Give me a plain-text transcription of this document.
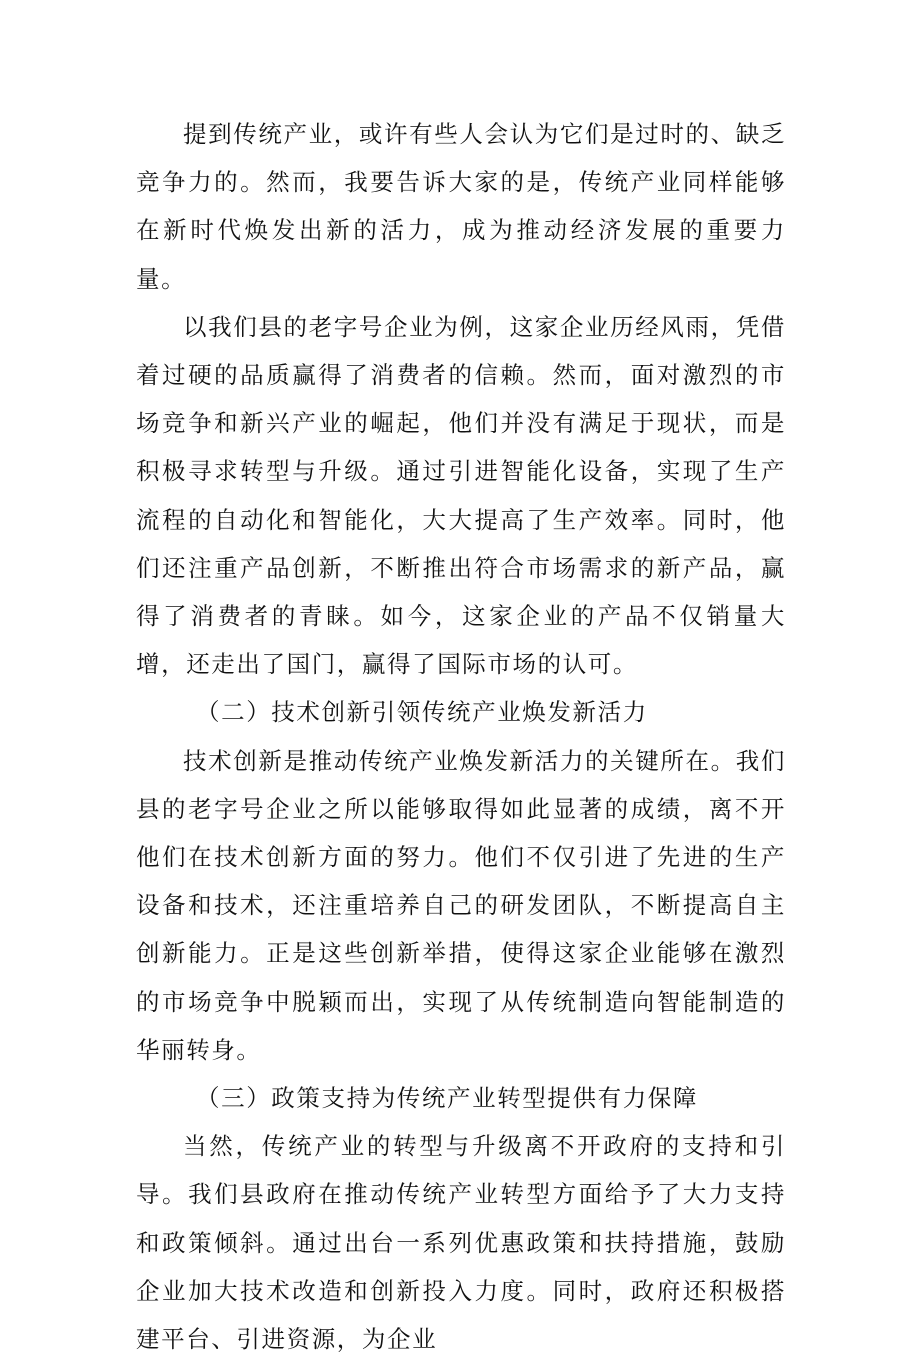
提到传统产业，或许有些人会认为它们是过时的、缺乏竞争力的。然而，我要告诉大家的是，传统产业同样能够在新时代焕发出新的活力，成为推动经济发展的重要力量。

以我们县的老字号企业为例，这家企业历经风雨，凭借着过硬的品质赢得了消费者的信赖。然而，面对激烈的市场竞争和新兴产业的崛起，他们并没有满足于现状，而是积极寻求转型与升级。通过引进智能化设备，实现了生产流程的自动化和智能化，大大提高了生产效率。同时，他们还注重产品创新，不断推出符合市场需求的新产品，赢得了消费者的青睐。如今，这家企业的产品不仅销量大增，还走出了国门，赢得了国际市场的认可。

（二）技术创新引领传统产业焕发新活力

技术创新是推动传统产业焕发新活力的关键所在。我们县的老字号企业之所以能够取得如此显著的成绩，离不开他们在技术创新方面的努力。他们不仅引进了先进的生产设备和技术，还注重培养自己的研发团队，不断提高自主创新能力。正是这些创新举措，使得这家企业能够在激烈的市场竞争中脱颖而出，实现了从传统制造向智能制造的华丽转身。

（三）政策支持为传统产业转型提供有力保障

当然，传统产业的转型与升级离不开政府的支持和引导。我们县政府在推动传统产业转型方面给予了大力支持和政策倾斜。通过出台一系列优惠政策和扶持措施，鼓励企业加大技术改造和创新投入力度。同时，政府还积极搭建平台、引进资源，为企业
